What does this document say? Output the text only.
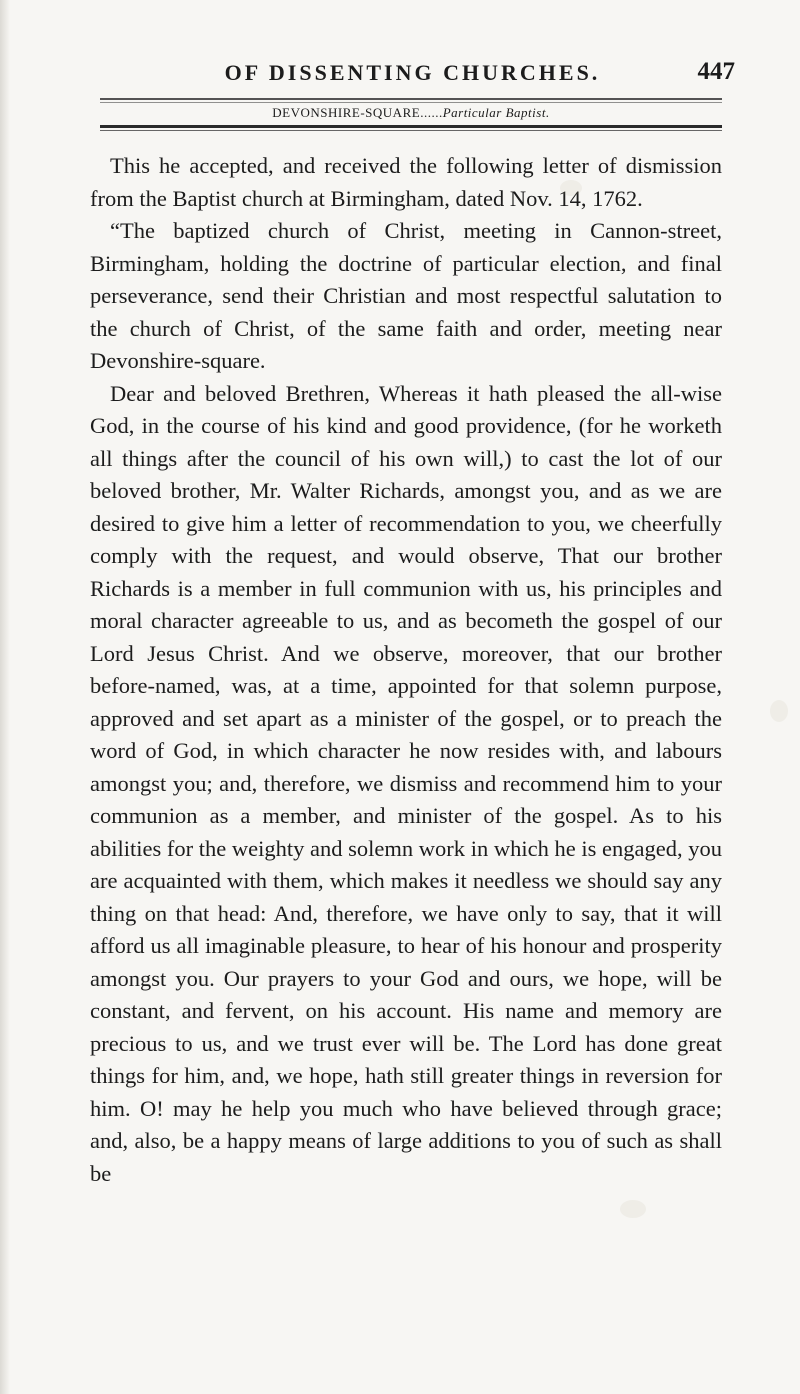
OF DISSENTING CHURCHES.	447
DEVONSHIRE-SQUARE......Particular Baptist.

This he accepted, and received the following letter of dismission from the Baptist church at Birmingham, dated Nov. 14, 1762.

“The baptized church of Christ, meeting in Cannon-street, Birmingham, holding the doctrine of particular election, and final perseverance, send their Christian and most respectful salutation to the church of Christ, of the same faith and order, meeting near Devonshire-square.

Dear and beloved Brethren, Whereas it hath pleased the all-wise God, in the course of his kind and good providence, (for he worketh all things after the council of his own will,) to cast the lot of our beloved brother, Mr. Walter Richards, amongst you, and as we are desired to give him a letter of recommendation to you, we cheerfully comply with the request, and would observe, That our brother Richards is a member in full communion with us, his principles and moral character agreeable to us, and as becometh the gospel of our Lord Jesus Christ. And we observe, moreover, that our brother before-named, was, at a time, appointed for that solemn purpose, approved and set apart as a minister of the gospel, or to preach the word of God, in which character he now resides with, and labours amongst you; and, therefore, we dismiss and recommend him to your communion as a member, and minister of the gospel. As to his abilities for the weighty and solemn work in which he is engaged, you are acquainted with them, which makes it needless we should say any thing on that head: And, therefore, we have only to say, that it will afford us all imaginable pleasure, to hear of his honour and prosperity amongst you. Our prayers to your God and ours, we hope, will be constant, and fervent, on his account. His name and memory are precious to us, and we trust ever will be. The Lord has done great things for him, and, we hope, hath still greater things in reversion for him. O! may he help you much who have believed through grace; and, also, be a happy means of large additions to you of such as shall be
